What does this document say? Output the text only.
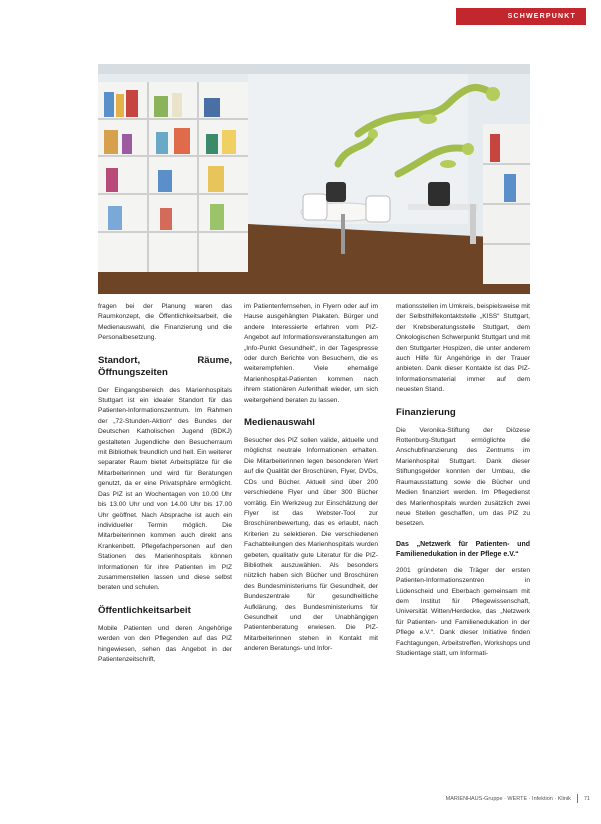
SCHWERPUNKT

fragen bei der Planung waren das Raumkonzept, die Öffentlichkeitsarbeit, die Medienauswahl, die Finanzierung und die Personalbesetzung.

Standort, Räume, Öffnungszeiten

Der Eingangsbereich des Marienhospitals Stuttgart ist ein idealer Standort für das Patienten-Informationszentrum. Im Rahmen der „72-Stunden-Aktion“ des Bundes der Deutschen Katholischen Jugend (BDKJ) gestalteten Jugendliche den Besucherraum mit Bibliothek freundlich und hell. Ein weiterer separater Raum bietet Arbeitsplätze für die Mitarbeiterinnen und wird für Beratungen genutzt, da er eine Privatsphäre ermöglicht. Das PIZ ist an Wochentagen von 10.00 Uhr bis 13.00 Uhr und von 14.00 Uhr bis 17.00 Uhr geöffnet. Nach Absprache ist auch ein individueller Termin möglich. Die Mitarbeiterinnen kommen auch direkt ans Krankenbett. Pflegefachpersonen auf den Stationen des Marienhospitals können Informationen für ihre Patienten im PIZ zusammenstellen lassen und diese selbst beraten und schulen.

Öffentlichkeitsarbeit

Mobile Patienten und deren Angehörige werden von den Pflegenden auf das PIZ hingewiesen, sehen das Angebot in der Patientenzeitschrift,

im Patientenfernsehen, in Flyern oder auf im Hause ausgehängten Plakaten. Bürger und andere Interessierte erfahren vom PIZ-Angebot auf Informationsveranstaltungen am „Info-Punkt Gesundheit“, in der Tagespresse oder durch Berichte von Besuchern, die es weiterempfehlen. Viele ehemalige Marienhospital-Patienten kommen nach ihrem stationären Aufenthalt wieder, um sich weitergehend beraten zu lassen.

Medienauswahl

Besucher des PIZ sollen valide, aktuelle und möglichst neutrale Informationen erhalten. Die Mitarbeiterinnen legen besonderen Wert auf die Qualität der Broschüren, Flyer, DVDs, CDs und Bücher. Aktuell sind über 200 verschiedene Flyer und über 300 Bücher vorrätig. Ein Werkzeug zur Einschätzung der Flyer ist das Webster-Tool zur Broschürenbewertung, das es erlaubt, nach Kriterien zu selektieren. Die verschiedenen Fachabteilungen des Marienhospitals wurden gebeten, qualitativ gute Literatur für die PIZ-Bibliothek auszuwählen. Als besonders nützlich haben sich Bücher und Broschüren des Bundesministeriums für Gesundheit, der Bundeszentrale für gesundheitliche Aufklärung, des Bundesministeriums für Gesundheit und der Unabhängigen Patientenberatung erwiesen. Die PIZ-Mitarbeiterinnen stehen in Kontakt mit anderen Beratungs- und Infor-

mationsstellen im Umkreis, beispielsweise mit der Selbsthilfekontaktstelle „KISS“ Stuttgart, der Krebsberatungsstelle Stuttgart, dem Onkologischen Schwerpunkt Stuttgart und mit den Stuttgarter Hospizen, die unter anderem auch Hilfe für Angehörige in der Trauer anbieten. Dank dieser Kontakte ist das PIZ-Informationsmaterial immer auf dem neuesten Stand.

Finanzierung

Die Veronika-Stiftung der Diözese Rottenburg-Stuttgart ermöglichte die Anschubfinanzierung des Zentrums im Marienhospital Stuttgart. Dank dieser Stiftungsgelder konnten der Umbau, die Raumausstattung sowie die Bücher und Medien finanziert werden. Im Pflegedienst des Marienhospitals wurden zusätzlich zwei neue Stellen geschaffen, um das PIZ zu besetzen.

Das „Netzwerk für Patienten- und Familienedukation in der Pflege e.V.“

2001 gründeten die Träger der ersten Patienten-Informationszentren in Lüdenscheid und Eberbach gemeinsam mit dem Institut für Pflegewissenschaft, Universität Witten/Herdecke, das „Netzwerk für Patienten- und Familienedukation in der Pflege e.V.“. Dank dieser Initiative finden Fachtagungen, Arbeitstreffen, Workshops und Studientage statt, um Informati-

MARIENHAUS-Gruppe · WERTE · Infektion · Klinik 71
